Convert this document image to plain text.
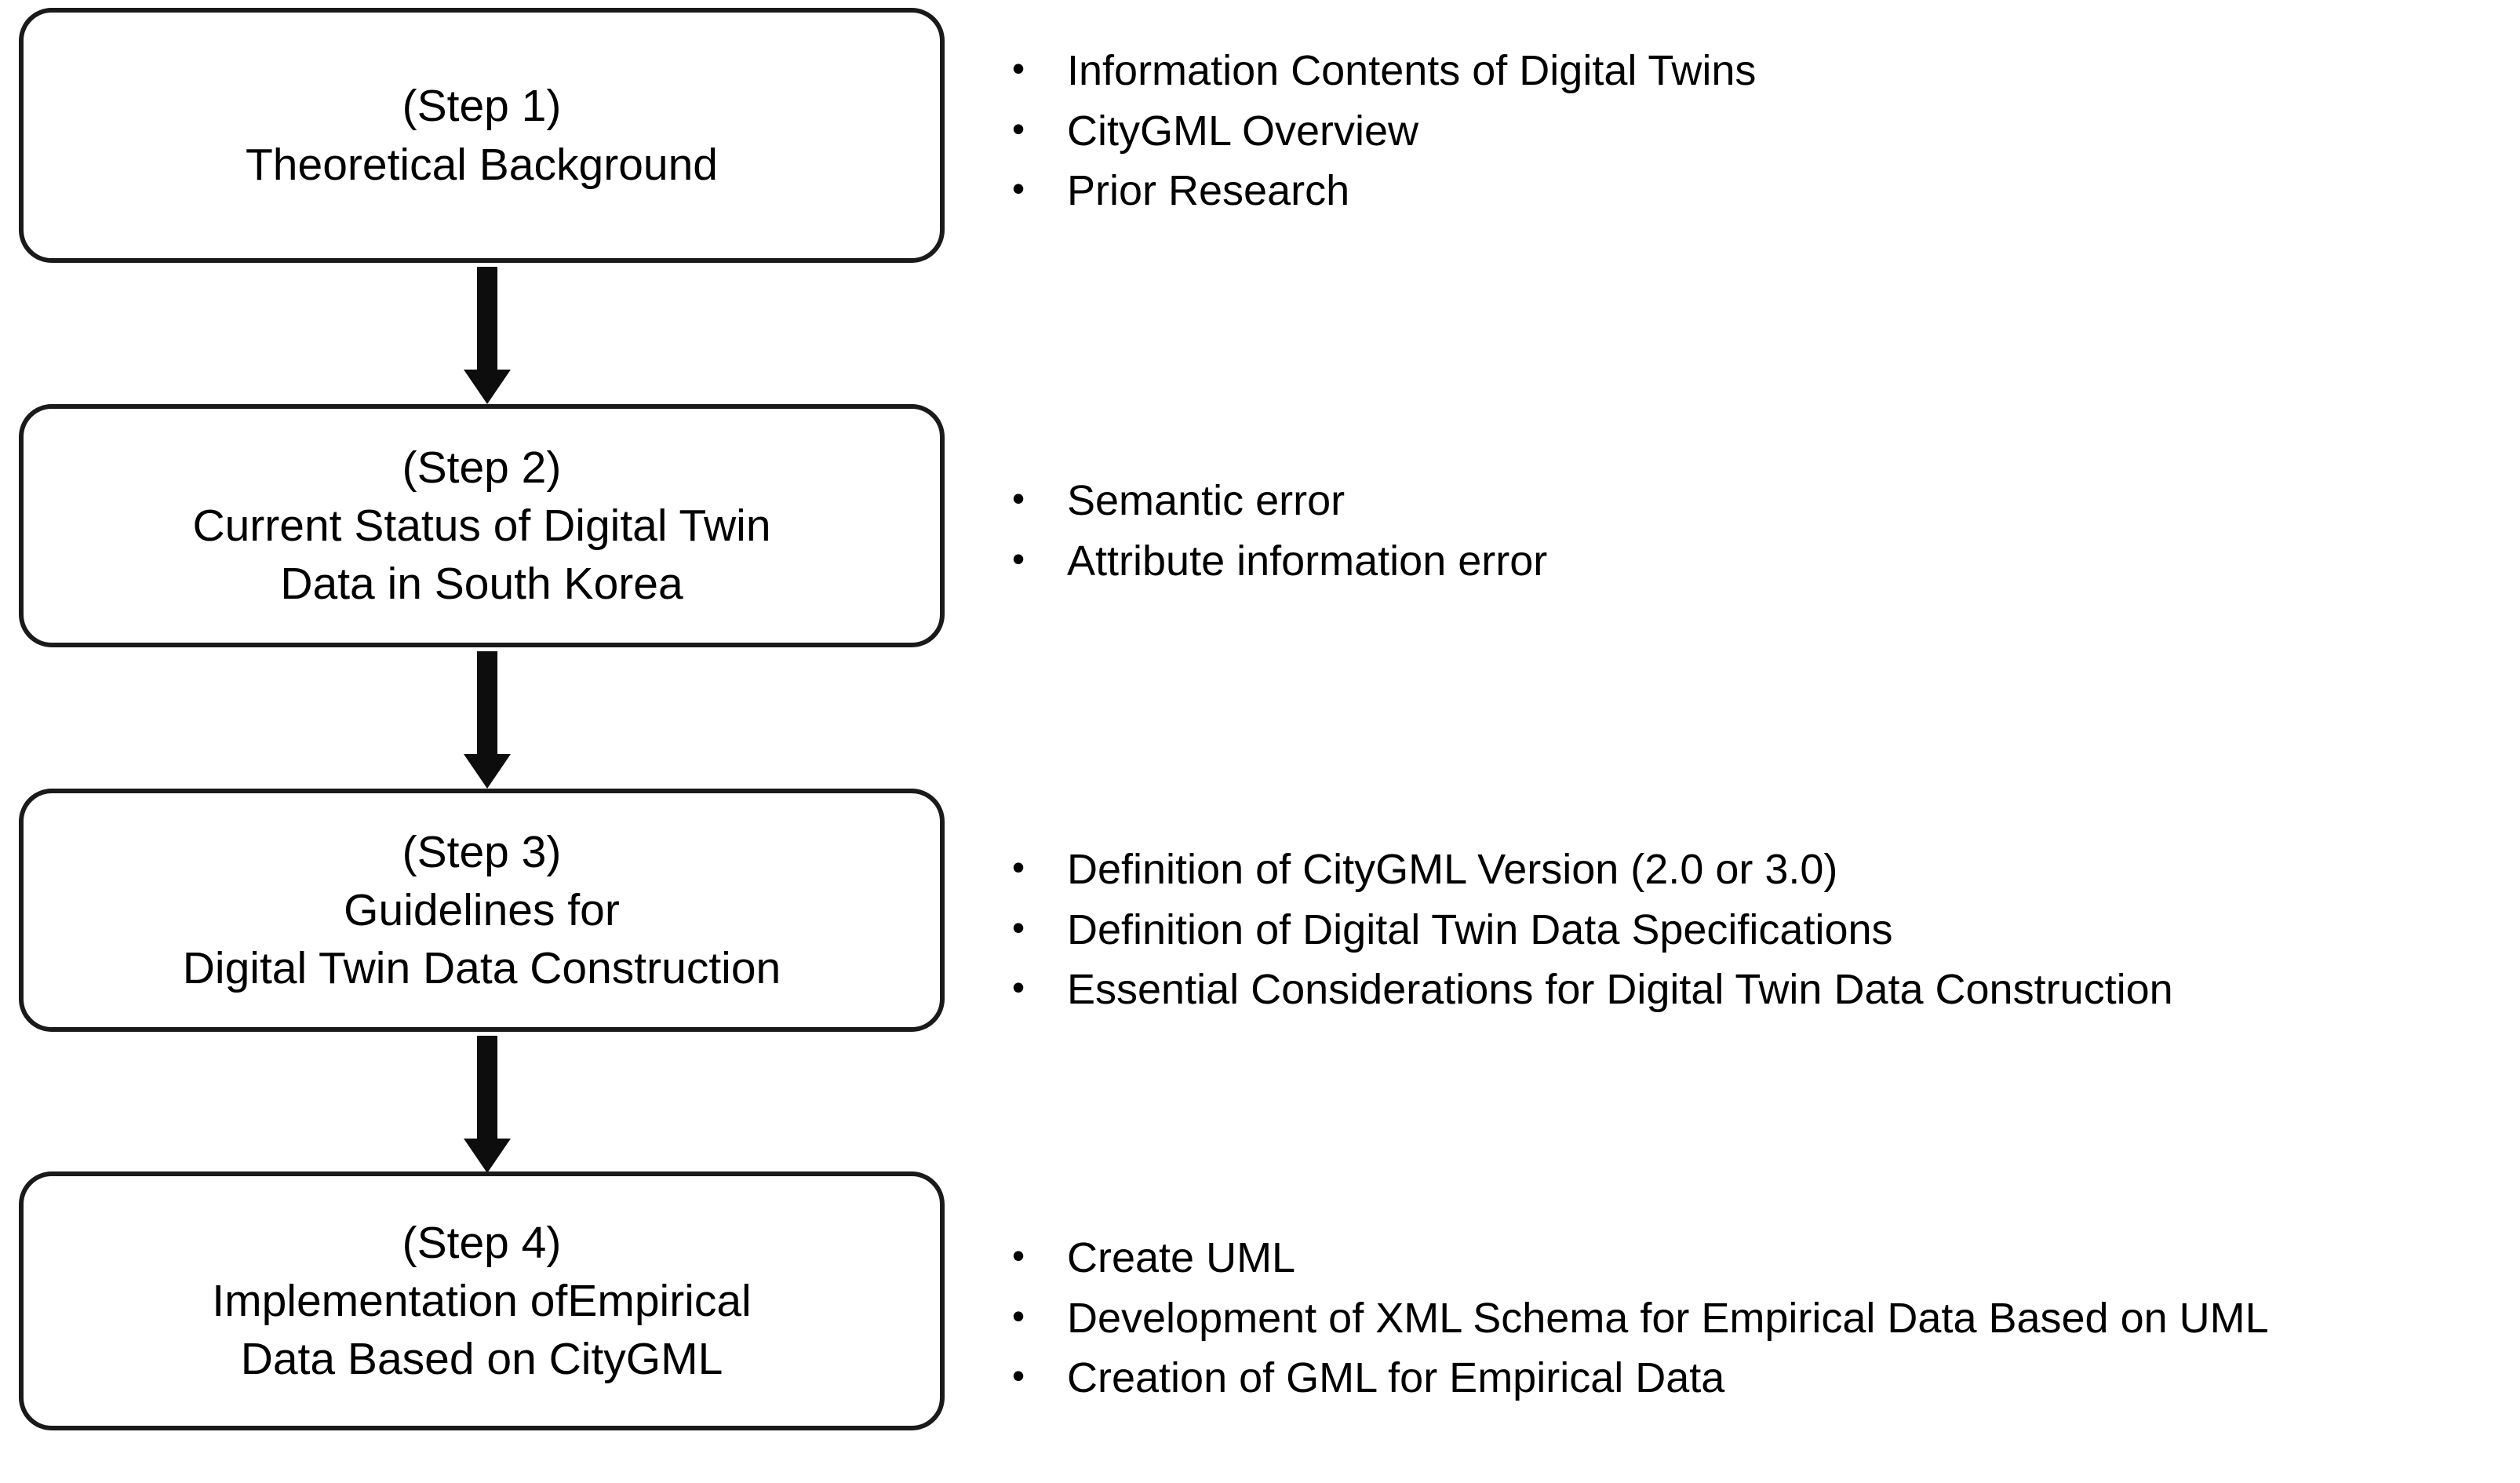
(Step 1)
Theoretical Background
• Information Contents of Digital Twins
• CityGML Overview
• Prior Research
(Step 2)
Current Status of Digital Twin
Data in South Korea
• Semantic error
• Attribute information error
(Step 3)
Guidelines for
Digital Twin Data Construction
• Definition of CityGML Version (2.0 or 3.0)
• Definition of Digital Twin Data Specifications
• Essential Considerations for Digital Twin Data Construction
(Step 4)
Implementation ofEmpirical
Data Based on CityGML
• Create UML
• Development of XML Schema for Empirical Data Based on UML
• Creation of GML for Empirical Data
